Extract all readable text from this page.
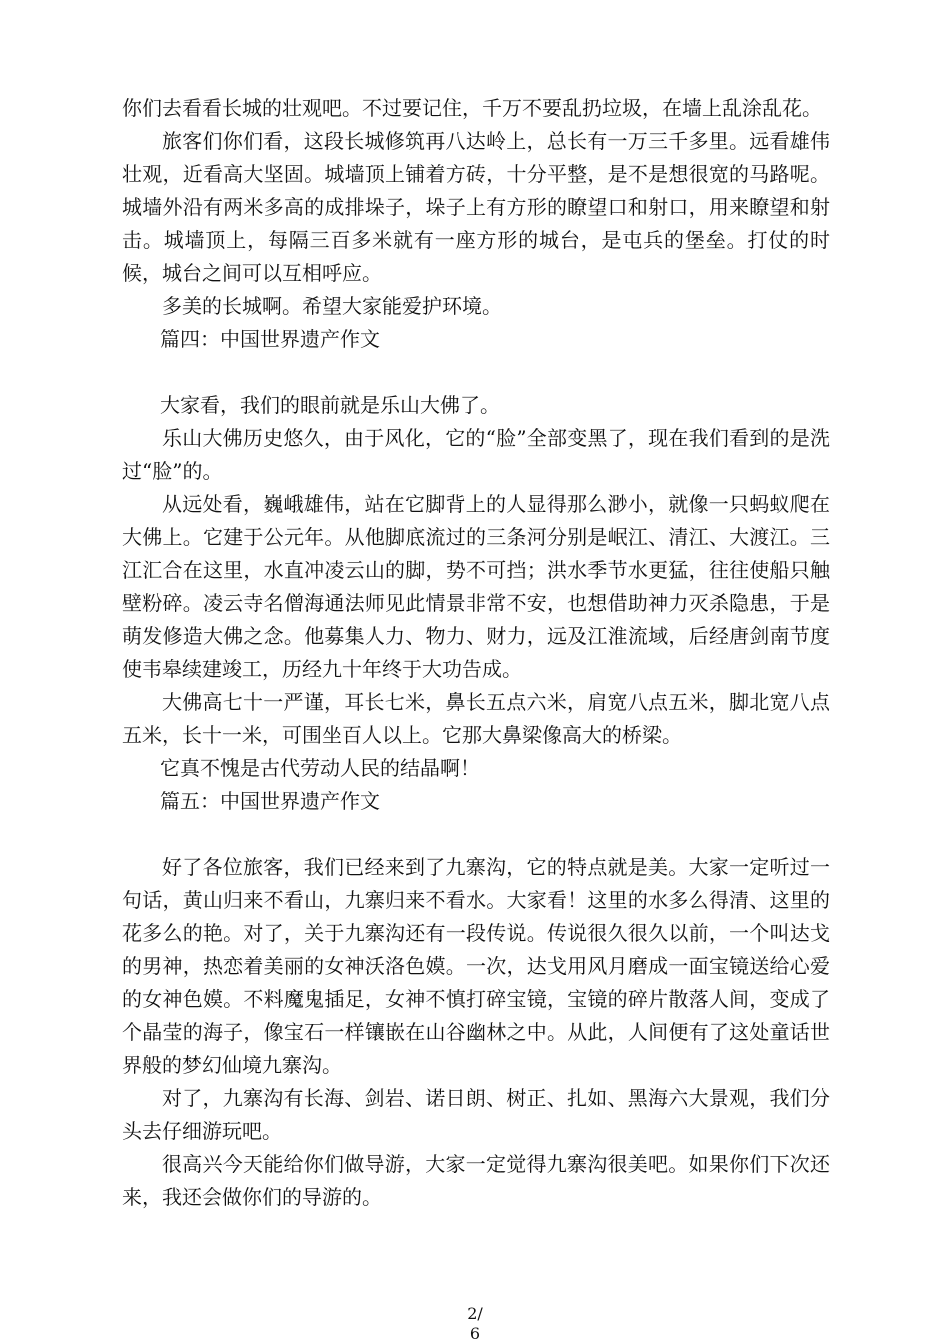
你们去看看长城的壮观吧。不过要记住，千万不要乱扔垃圾，在墙上乱涂乱花。

旅客们你们看，这段长城修筑再八达岭上，总长有一万三千多里。远看雄伟壮观，近看高大坚固。城墙顶上铺着方砖，十分平整，是不是想很宽的马路呢。城墙外沿有两米多高的成排垛子，垛子上有方形的瞭望口和射口，用来瞭望和射击。城墙顶上，每隔三百多米就有一座方形的城台，是屯兵的堡垒。打仗的时候，城台之间可以互相呼应。

多美的长城啊。希望大家能爱护环境。

篇四：中国世界遗产作文

大家看，我们的眼前就是乐山大佛了。

乐山大佛历史悠久，由于风化，它的“脸”全部变黑了，现在我们看到的是洗过“脸”的。

从远处看，巍峨雄伟，站在它脚背上的人显得那么渺小，就像一只蚂蚁爬在大佛上。它建于公元年。从他脚底流过的三条河分别是岷江、清江、大渡江。三江汇合在这里，水直冲凌云山的脚，势不可挡；洪水季节水更猛，往往使船只触壁粉碎。凌云寺名僧海通法师见此情景非常不安，也想借助神力灭杀隐患，于是萌发修造大佛之念。他募集人力、物力、财力，远及江淮流域，后经唐剑南节度使韦皋续建竣工，历经九十年终于大功告成。

大佛高七十一严谨，耳长七米，鼻长五点六米，肩宽八点五米，脚北宽八点五米，长十一米，可围坐百人以上。它那大鼻梁像高大的桥梁。

它真不愧是古代劳动人民的结晶啊！

篇五：中国世界遗产作文

好了各位旅客，我们已经来到了九寨沟，它的特点就是美。大家一定听过一句话，黄山归来不看山，九寨归来不看水。大家看！这里的水多么得清、这里的花多么的艳。对了，关于九寨沟还有一段传说。传说很久很久以前，一个叫达戈的男神，热恋着美丽的女神沃洛色嫫。一次，达戈用风月磨成一面宝镜送给心爱的女神色嫫。不料魔鬼插足，女神不慎打碎宝镜，宝镜的碎片散落人间，变成了个晶莹的海子，像宝石一样镶嵌在山谷幽林之中。从此，人间便有了这处童话世界般的梦幻仙境九寨沟。

对了，九寨沟有长海、剑岩、诺日朗、树正、扎如、黑海六大景观，我们分头去仔细游玩吧。

很高兴今天能给你们做导游，大家一定觉得九寨沟很美吧。如果你们下次还来，我还会做你们的导游的。

2/
6
